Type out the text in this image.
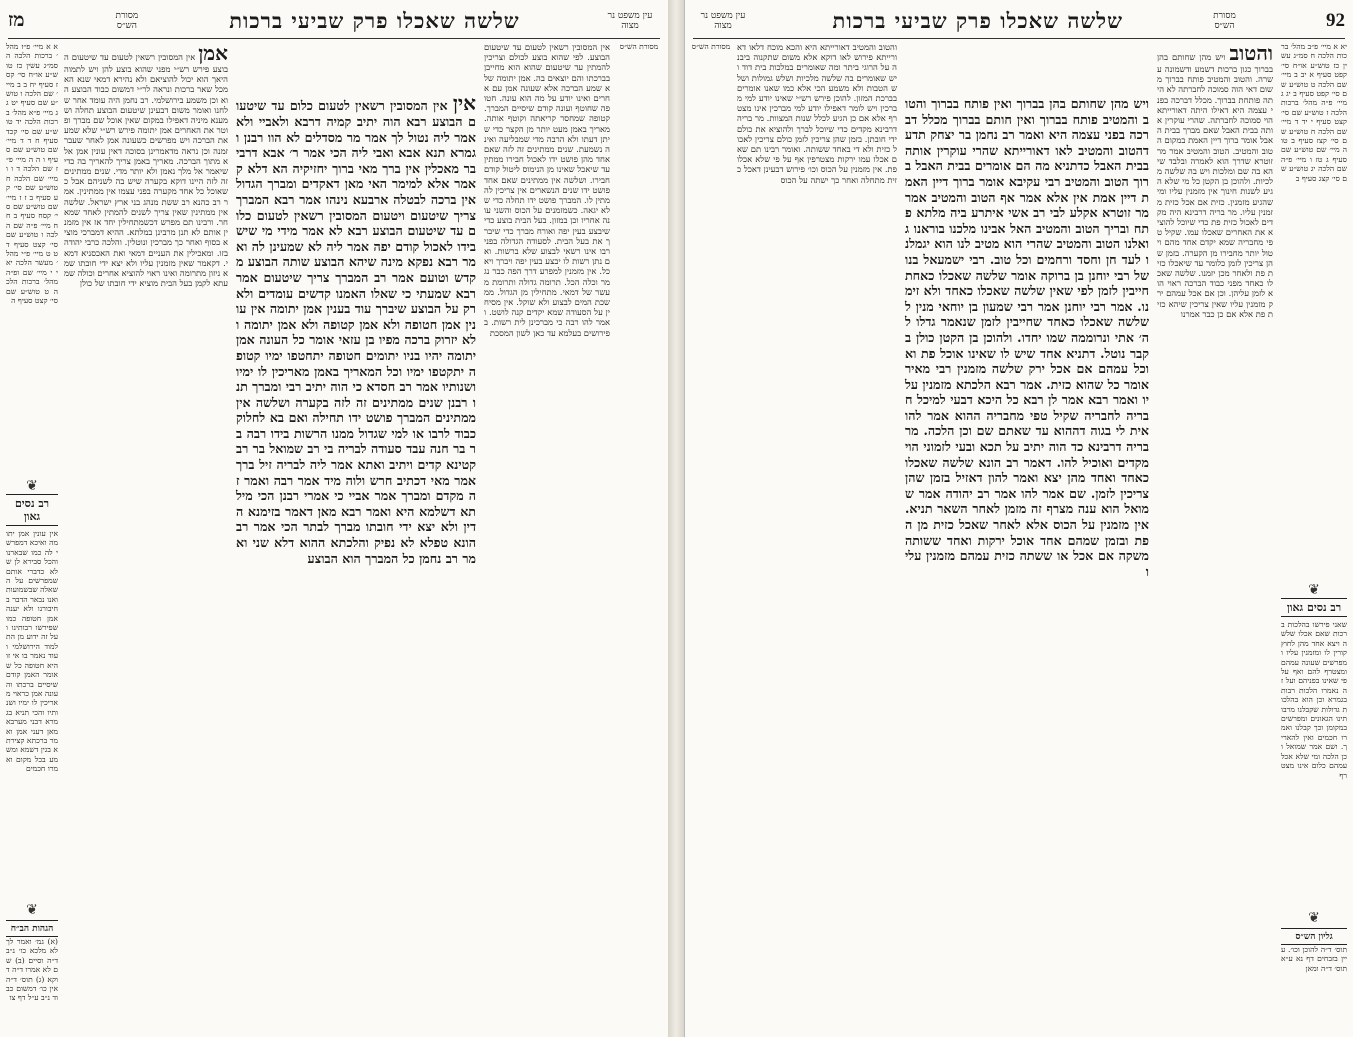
עין משפט נר מצוה
שלשה שאכלו פרק שביעי ברכות
מסורת הש״ס
מז
א א מיי׳ פ״ז מהל׳ ברכות הלכה ה סמ״ג עשין כז טוש״ע או״ח סי׳ קסז סעיף יח ב ב מיי׳ שם הלכה ו טוש״ע שם סעיף יט ג ג מיי׳ פ״א מהל׳ ברכות הלכה יד טוש״ע שם סי׳ קכד סעיף ח ד ד מיי׳ שם טוש״ע שם סעיף ו ה ה מיי׳ פ״ז שם הלכה ד ו ו מיי׳ שם הלכה ח טוש״ע שם סי׳ קע סעיף ב ז ז מיי׳ שם טוש״ע שם סי׳ קסח סעיף ב ח ח מיי׳ פ״ה שם הלכה ו טוש״ע שם סי׳ קצט סעיף ד ט ט מיי׳ פ״י מהל׳ מעשר הלכה יא י י מיי׳ שם ופ״ה מהל׳ ברכות הלכה ט טוש״ע שם סי׳ קצט סעיף ה
רב נסים גאון
אין עונין אמן יתומה ואיכא דמפרשי לה כמו שבארנו והכל סבירא לן שלא כדברי אותם שמפרשים על השאלה שבשמועות ואנו נבאר הדבר בחיבורנו ולא יענה אמן חטופה כמו שפירשו רבותינו ועל זה ידוע מן התלמוד הירושלמי ועוד נאמר בו אי זו היא חטופה כל שאומר האמן קודם שיסיים ברכתו והעונה אמן כראוי מאריכין לו ימיו ושנותיו והכי תניא בגמרא דבני מערבא מאן דעני אמן ואמר ברכתא קצירתא בגין דשמא ומשמע בכל מקום ואמרו חכמים
הגהות הב״ח
(א) גמ׳ ואמר לך לא מלכא כו׳ נ״ב ד״ה וסיים (ב) שם לא אמרו ד״ה דוקא (ג) תוס׳ ד״ה אין כו׳ דמשום כבוד נ״ב ע״ל דף צו
אמן אין המסובין רשאין לטעום עד שיטעום הבוצע פירש רש״י מפני שהוא בוצע להן ויש לתמוה היאך הוא יכול להוציאם ולא נהירא דמאי שנא הא מכל שאר ברכות ונראה לר״י דמשום כבוד הבוצע הוא וכן משמע בירושלמי. רב נחמן היה עומד אחר שלחנו ואומר משום דבעינן שיטעום הבוצע תחלה ושמענא מיניה דאפילו במקום שאין אוכל שם מברך ופוטר את האחרים אמן יתומה פירש רש״י שלא שמע את הברכה ויש מפרשים כשעונה אמן לאחר שעבר זמנה וכן נראה מדאמרינן בסוכה דאין עונין אמן אלא מתוך הברכה. מאריך באמן צריך להאריך בה כדי שיאמר אל מלך נאמן ולא יותר מדי. שנים ממתינים זה לזה היינו דוקא בקערה שיש בה לשניהם אבל כשאוכל כל אחד מקערה בפני עצמו אין ממתינין. אמר רב כהנא רב ששת מנהג בני ארץ ישראל. שלשה אין ממתינין שאין צריך לשנים להמתין לאחד שמאחר. ורבינו תם מפרש דכשמתחילין יחד אז אין מזמנין אותם לא תנן מרבינן במלתא. ההיא דמברכי מוציא בסוף ואחר כך מברכין ונוטלין. והלכה כרבי יהודה בזו. ומאכילין את העניים דמאי ואת האכסניא דמאי. דקאמר שאין מזמנין עליו ולא יצא ידי חובתו שמא ניזון מתרומה ואינו ראוי להוציא אחרים וכולה שמעתא לקמן בעל הבית מוציא ידי חובתו של כולן
אין אין המסובין רשאין לטעום כלום עד שיטעום הבוצע רבא הוה יתיב קמיה דרבא ולאביי ולא אמר ליה נטול לך אמר מר מסדלים לא הוו רבנן וגמרא תנא אבא ואבי ליה הכי אמר ר׳ אבא דרבי בר מאכלין אין ברך מאי ברוך יחזיקיה הא דלא קאמר אלא למימר האי מאן דאקדים ומברך הגדול אין ברכה לבטלה ארבעא נינהו אמר רבא המברך צריך שיטעום ויטעום המסובין רשאין לטעום כלום עד שיטעום הבוצע רבא לא אמר מידי מי שיש בידו לאכול קודם יפה אמר ליה לא שמעינן לה ואמר רבא נפקא מינה שיהא הבוצע שותה הבוצע מקדש וטועם אמר רב המברך צריך שיטעום אמר רבא שמעתי כי שאלו האמנו קדשים עומדים ולא רק על הבוצע שיברך עוד בענין אמן יתומה אין עונין אמן חטופה ולא אמן קטופה ולא אמן יתומה ולא יזרוק ברכה מפיו בן עזאי אומר כל העונה אמן יתומה יהיו בניו יתומים חטופה יתחטפו ימיו קטופה יתקטפו ימיו וכל המאריך באמן מאריכין לו ימיו ושנותיו אמר רב חסדא כי הוה יתיב רבי ומברך תנו רבנן שנים ממתינים זה לזה בקערה ושלשה אין ממתינים המברך פושט ידו תחילה ואם בא לחלוק כבוד לרבו או למי שגדול ממנו הרשות בידו רבה בר בר חנה עבד סעודה לבריה בי רב שמואל בר רב קטינא קדים ויתיב ואתא אמר ליה לבריה זיל ברך אמר מאי דכתיב חרש ולוה מיד אמר רבה ואמר זה מקדם ומברך אמר אביי כי אמרי רבנן הכי מילתא דשלמא היא ואמר רבא מאן דאמר בזימנא הדין ולא יצא ידי חובתו מברך לבתר הכי אמר רב הונא טפלא לא נפיק והלכתא ההוא דלא שני ואמר רב נחמן כל המברך הוא הבוצע
אין המסובין רשאין לטעום עד שיטעום הבוצע. לפי שהוא בוצע לכולם וצריכין להמתין עד שיטעום שהוא הוא מחייבן בברכתו והם יוצאים בה. אמן יתומה שלא שמע הברכה אלא שעונה אמן עם אחרים ואינו יודע על מה הוא עונה. חטופה שחוטף ועונה קודם שיסיים המברך. קטופה שמחסר קריאתה וקוטף אותה. מאריך באמן מעט יותר מן הקצר כדי שיתן דעתו ולא הרבה מדי שמבליעה ואינה נשמעת. שנים ממתינים זה לזה שאם אחד מהן פושט ידו לאכול חבירו ממתין עד שיאכל שאינו מן הנימוס ליטול קודם חבירו. ושלשה אין ממתינים שאם אחד פושט ידו שנים הנשארים אין צריכין להמתין לו. המברך פושט ידו תחלה כדי שלא יגאה. כשמזמנים על הכוס והשני עונה אחריו וכן במזון. בעל הבית בוצע כדי שיבצע בעין יפה ואורח מברך כדי שיברך את בעל הבית. לסעודה הגדולה בפני רבו אינו רשאי לבצוע שלא ברשות. ואם נתן רשות לו יבצע בעין יפה ויברך ויאכל. אין מזמנין למפרע דרך הפה כבר נגמר וכלה הכל. תרומה גדולה ותרומת מעשר של דמאי. מתחילין מן הגדול. ממשכת המים לבצוע ולא שוקל. אין מסיחין על הסעודה שמא יקדים קנה לושט. ואמר להו רבה כי מברכינן לית רשות. בפירושים בעלמא עד כאן לשון המסכת
מסורת הש״ס
❦
❦
92
מסורת הש״ס
שלשה שאכלו פרק שביעי ברכות
עין משפט נר מצוה
מסורת הש״ס והטוב והמטיב דאורייתא היא והכא מוכח דלאו דאורייתא פירוש לאו דוקא אלא משום שתקנוה ביבנה על הרוגי ביתר ומה שאומרים במלכות בית דוד ויש שאומרים בה שלשה מלכיות ושלש גמולות ושלש הטבות ולא משמע הכי אלא כמו שאנו אומרים בברכת המזון. להוכן פירש רש״י שאינו יודע למי מברכין ויש לומר דאפילו יודע למי מברכין אינו מצטרף אלא אם כן הגיע לכלל שנות המצוות. מר בריה דרבינא מקדים כדי שיוכל לברך ולהוציא את כולם ידי חובתן. בזמן שהן צריכין לזמן כולם צריכין לאכול כזית ולא די באחד ששותה. ואומר רבינו תם שאם אכלו עמו ירקות מצטרפין אף על פי שלא אכלו פת. אין מזמנין על הכוס וכו׳ פירוש דבעינן דאכל כזית מתחלה ואחר כך ישתה על הכוס
ויש מהן שחותם בהן בברוך ואין פותח בברוך והטוב והמטיב פותח בברוך ואין חותם בברוך מכלל דברכה בפני עצמה היא ואמר רב נחמן בר יצחק תדע דהטוב והמטיב לאו דאורייתא שהרי עוקרין אותה בבית האבל כדתניא מה הם אומרים בבית האבל ברוך הטוב והמטיב רבי עקיבא אומר ברוך דיין האמת דיין אמת אין אלא אמר אף הטוב והמטיב אמר מר זוטרא אקלע לבי רב אשי איתרע ביה מלתא פתח ובריך הטוב והמטיב האל אבינו מלכנו בוראנו גואלנו הטוב והמטיב שהרי הוא מטיב לנו הוא יגמלנו לעד חן וחסד ורחמים וכל טוב. רבי ישמעאל בנו של רבי יוחנן בן ברוקה אומר שלשה שאכלו כאחת חייבין לזמן לפי שאין שלשה שאכלו כאחד ולא זימנו. אמר רבי יוחנן אמר רבי שמעון בן יוחאי מנין לשלשה שאכלו כאחד שחייבין לזמן שנאמר גדלו לה׳ אתי ונרוממה שמו יחדו. ולהוכן בן הקטן כולן בקבר נוטל. דתניא אחד שיש לו שאינו אוכל פת ואוכל עמהם אם אכל ירק שלשה מזמנין רבי מאיר אומר כל שהוא כזית. אמר רבא הלכתא מזמנין עליו ואמר רבא אמר לן רבא כל היכא דבעי למיכל חבריה לחבריה שקיל טפי מחבריה ההוא אמר להו אית לי בגוה דההוא עד שאתם שם וכן הלכה. מר בריה דרבינא כד הוה יתיב על תכא ובעי לזמוני הוי מקדים ואוכיל להו. דאמר רב הונא שלשה שאכלו כאחד ואחד מהן יצא ואמר להון דאזיל בזמן שהן צריכין לזמן. שם אמר להו אמר רב יהודה אמר שמואל הוא ענה מצרף זה מזמן לאחר השאר תניא. אין מזמנין על הכוס אלא לאחר שאכל כזית מן הפת ובזמן שמהם אחד אוכל ירקות ואחד ששותה משקה אם אכל או ששתה כזית עמהם מזמנין עליו
והטוב ויש מהן שחותם בהן בברוך כגון ברכות דשמע ודשמונה עשרה. והטוב והמטיב פותח בברוך משום דאי הוה סמוכה לחברתה לא היתה פותחת בברוך. מכלל דברכה בפני עצמה היא דאילו היתה דאורייתא הוי סמוכה לחברתה. שהרי עוקרין אותה בבית האבל שאם מברך בבית האבל אומר ברוך דיין האמת במקום הטוב והמטיב. הטוב והמטיב אמר מר זוטרא שדרך הוא לאמרה ובלבד שיהא בה שם ומלכות ויש בה שלשה מלכיות. ולהוכן בן הקטן כל מי שלא הגיע לשנות חינוך אין מזמנין עליו ומי שהגיע מזמנין. כזית אם אכל כזית מזמנין עליו. מר בריה דרבינא היה מקדים לאכול כזית פת כדי שיוכל להוציא את האחרים שאכלו עמו. שקיל טפי מחבריה שמא יקדם אחד מהם ויטול יותר מחבירו מן הקערה. בזמן שהן צריכין לזמן כלומר עד שיאכלו כזית פת ולאחר מכן יזמנו. שלשה שאכלו כאחד מפני כבוד הברכה ראוי הוא לזמן עליהן. וכן אם אכל עמהם ירק מזמנין עליו שאין צריכין שיהא כזית פת אלא אם כן כבר אמרנו
יא א מיי׳ פ״ב מהל׳ ברכות הלכה ח סמ״ג עשין כז טוש״ע או״ח סי׳ קפט סעיף א יב ב מיי׳ שם הלכה ט טוש״ע שם סי׳ קפט סעיף ב יג ג מיי׳ פ״ה מהל׳ ברכות הלכה ז טוש״ע שם סי׳ קצט סעיף י יד ד מיי׳ שם הלכה ח טוש״ע שם סי׳ קצז סעיף ב טו ה מיי׳ שם טוש״ע שם סעיף ג טז ו מיי׳ פ״ה שם הלכה יג טוש״ע שם סי׳ קצג סעיף ב
רב נסים גאון
שאני פירשו בהלכות ברכות שאם אכלו שלשה ויצא אחד מהן לחוץ קורין לו ומזמנין עליו ומפרשים שעונה עמהם ומצטרף להם ואף על פי שאינו בפניהם ועל זה נאמרו הלכות רבות בגמרא וכן הוא בהלכות גדולות שקבלנו מרבותינו הגאונים ומפרשים במקומן וכך קבלנו ואמרו חכמים ואין להאריך. ושם אמר שמואל וכן הלכה ומי שלא אכל עמהם כלום אינו מצטרף
גליון הש״ס
תוס׳ ד״ה להוכן וכו׳. עיין בזבחים דף נא ע״א תוס׳ ד״ה ומאן
❦
❦
